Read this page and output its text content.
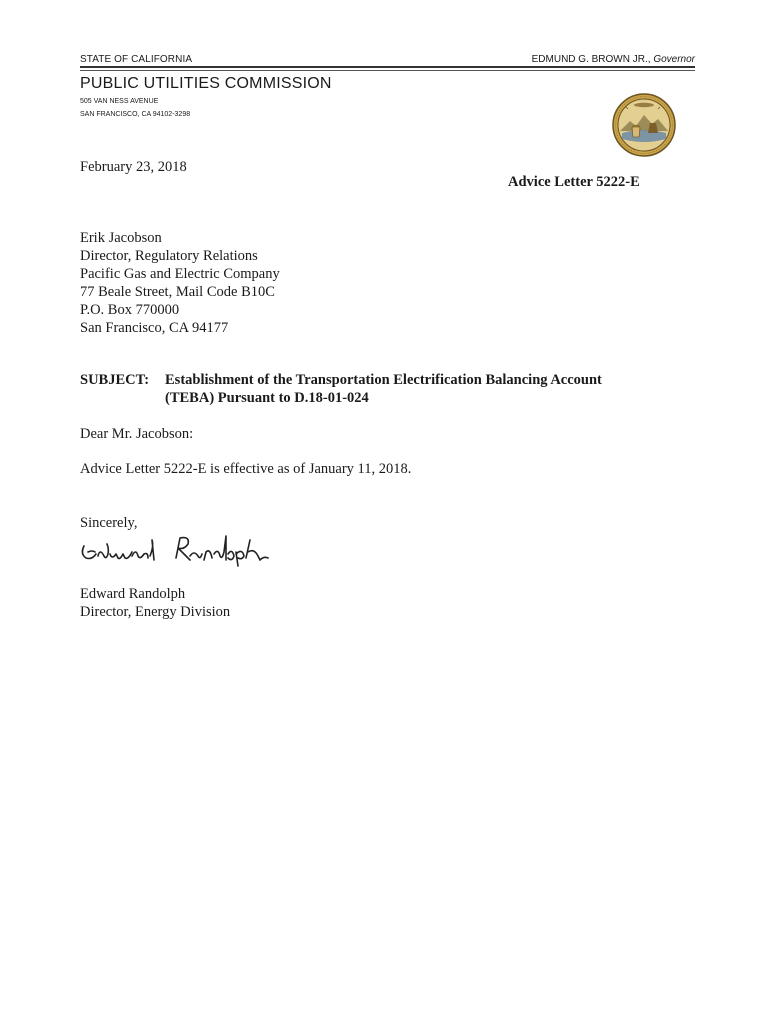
STATE OF CALIFORNIA	EDMUND G. BROWN JR., Governor
PUBLIC UTILITIES COMMISSION
505 VAN NESS AVENUE
SAN FRANCISCO, CA 94102-3298
February 23, 2018
Advice Letter 5222-E
Erik Jacobson
Director, Regulatory Relations
Pacific Gas and Electric Company
77 Beale Street, Mail Code B10C
P.O. Box 770000
San Francisco, CA 94177
SUBJECT: Establishment of the Transportation Electrification Balancing Account (TEBA) Pursuant to D.18-01-024
Dear Mr. Jacobson:
Advice Letter 5222-E is effective as of January 11, 2018.
Sincerely,
Edward Randolph
Director, Energy Division
